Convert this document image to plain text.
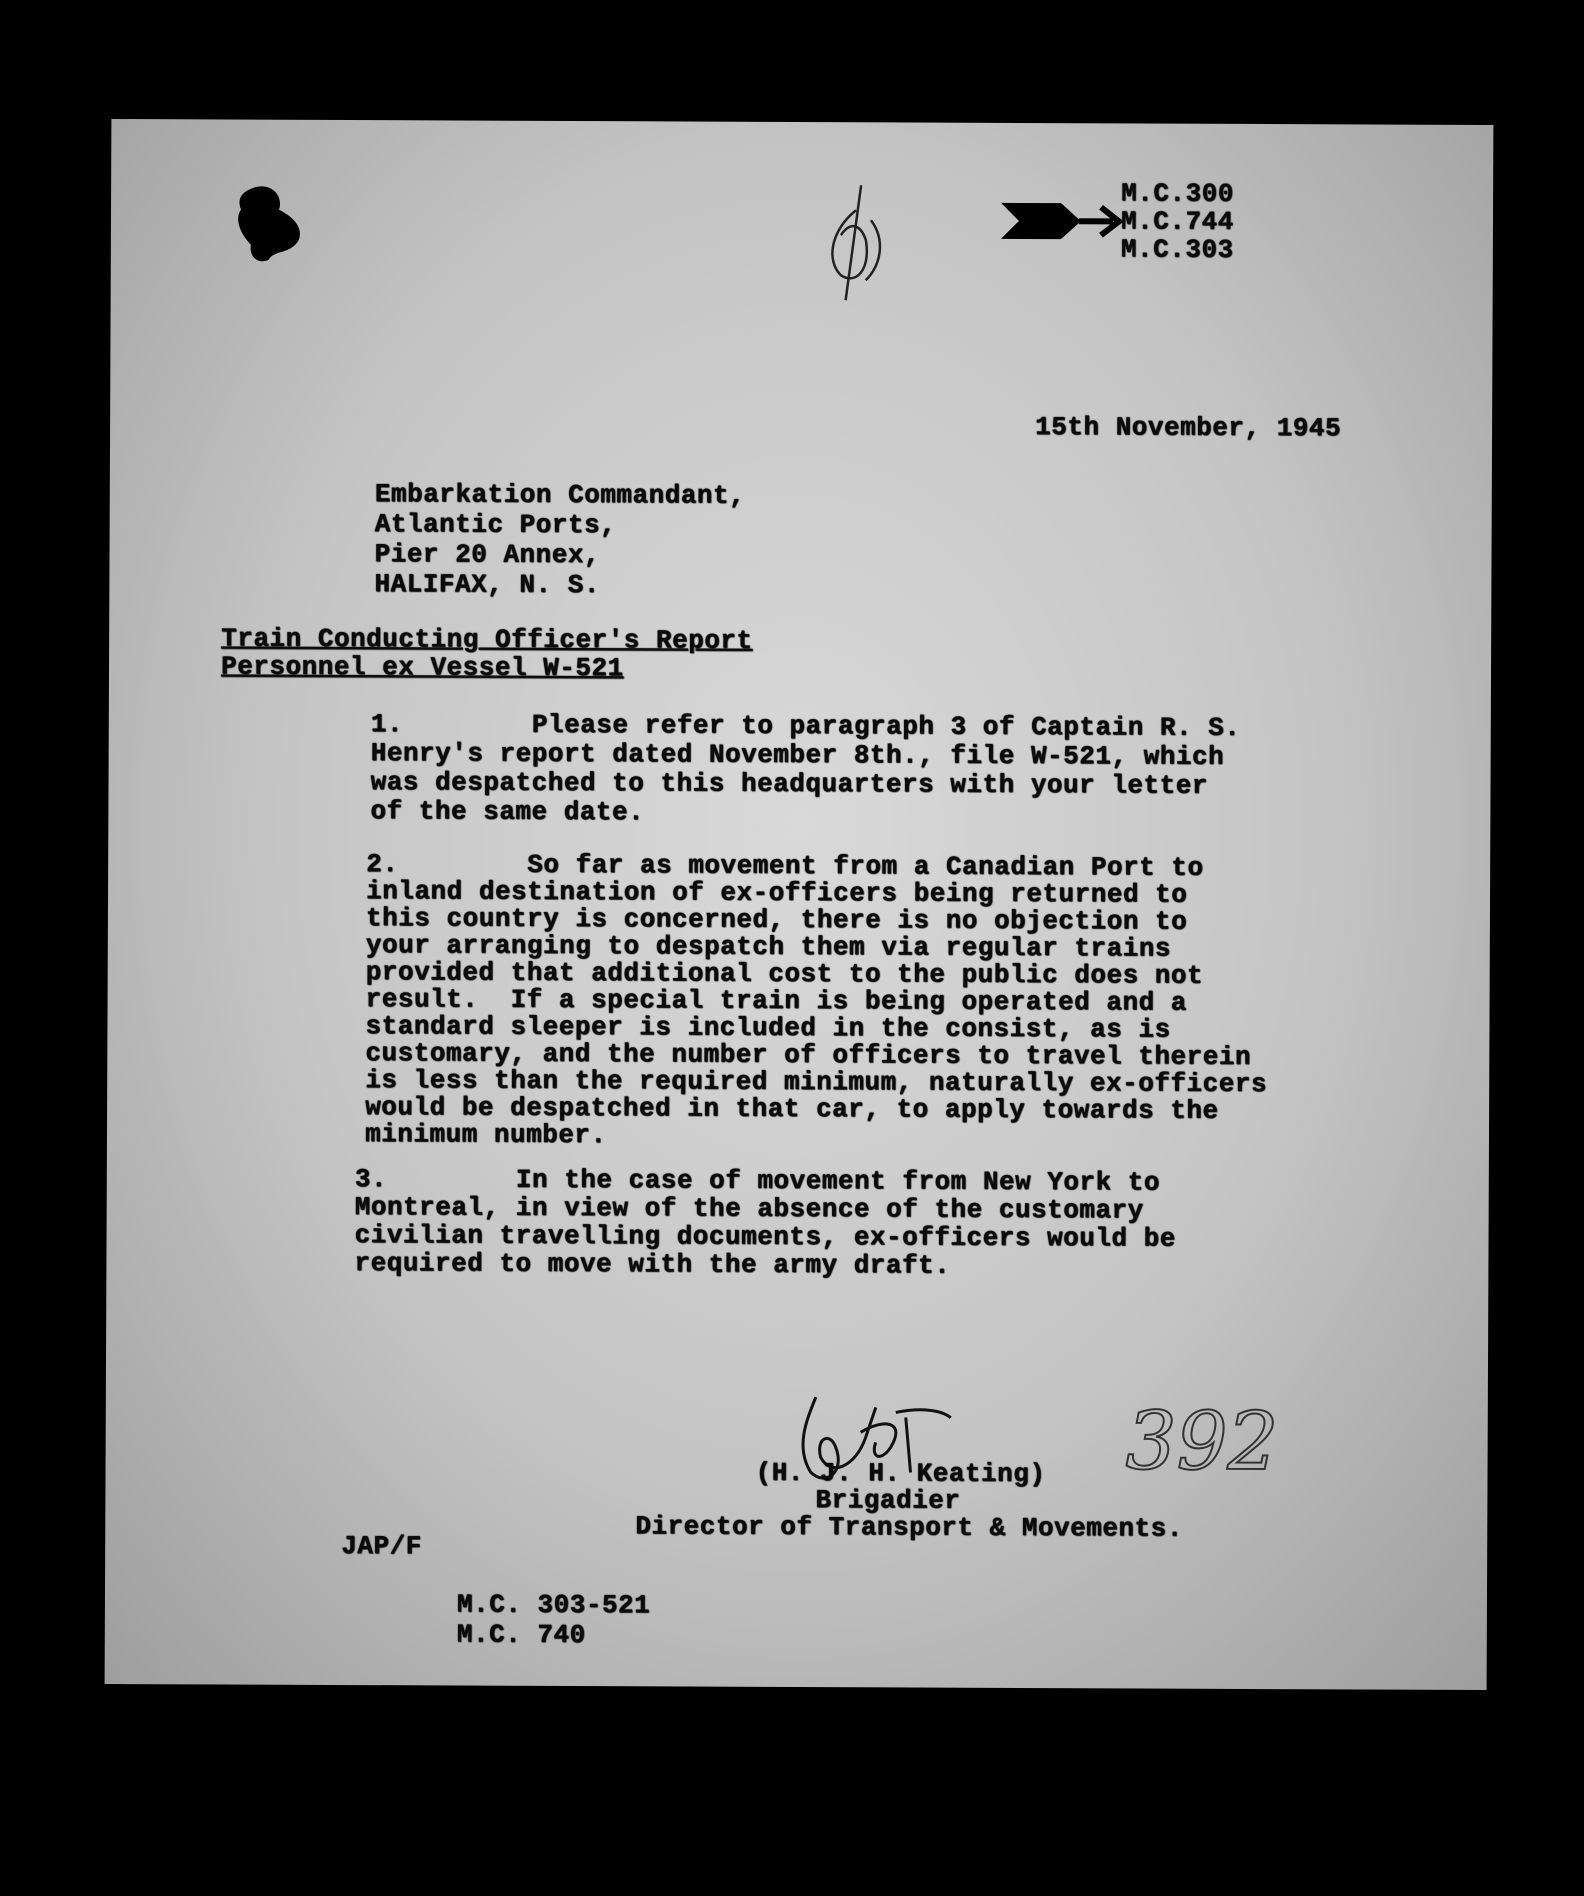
M.C.300
M.C.744
M.C.303
15th November, 1945
Embarkation Commandant,
Atlantic Ports,
Pier 20 Annex,
HALIFAX, N. S.
Train Conducting Officer's Report
Personnel ex Vessel W-521
1.        Please refer to paragraph 3 of Captain R. S.
Henry's report dated November 8th., file W-521, which
was despatched to this headquarters with your letter
of the same date.
2.        So far as movement from a Canadian Port to
inland destination of ex-officers being returned to
this country is concerned, there is no objection to
your arranging to despatch them via regular trains
provided that additional cost to the public does not
result.  If a special train is being operated and a
standard sleeper is included in the consist, as is
customary, and the number of officers to travel therein
is less than the required minimum, naturally ex-officers
would be despatched in that car, to apply towards the
minimum number.
3.        In the case of movement from New York to
Montreal, in view of the absence of the customary
civilian travelling documents, ex-officers would be
required to move with the army draft.
392
(H. J. H. Keating)
Brigadier
Director of Transport & Movements.
JAP/F
M.C. 303-521
M.C. 740
